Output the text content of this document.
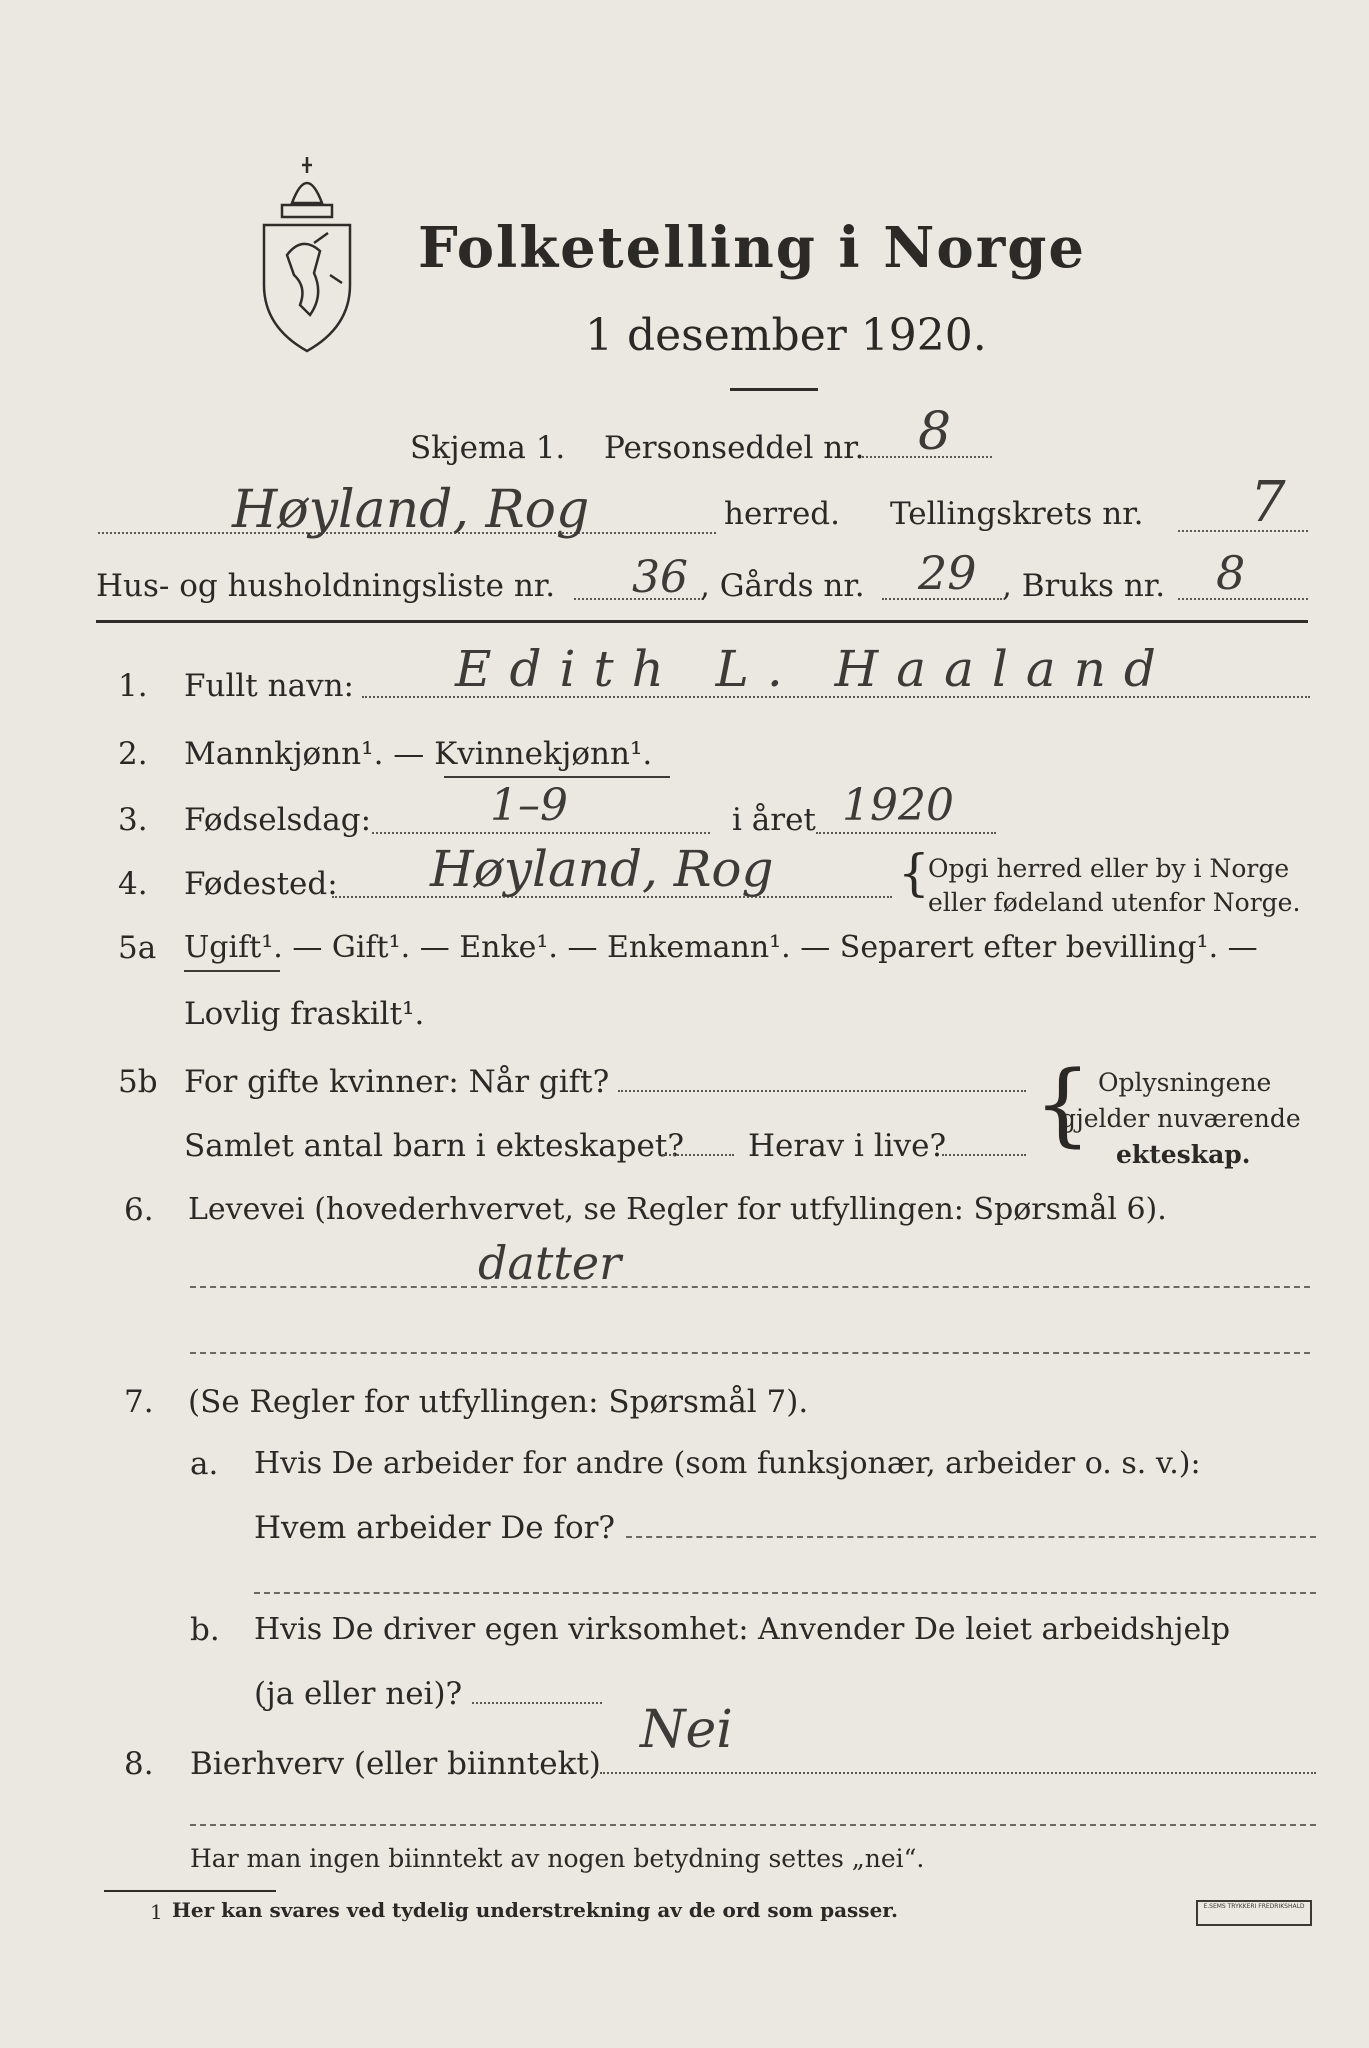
Folketelling i Norge
1 desember 1920.
Skjema 1. Personseddel nr. 8
Høyland, Rog	herred. Tellingskrets nr. 7
Hus- og husholdningsliste nr. 36 , Gårds nr. 29 , Bruks nr. 8
1. Fullt navn: Edith L. Haaland
2. Mannkjønn¹. — Kvinnekjønn¹.
3. Fødselsdag:	1–9	i året 1920
4. Fødested: Høyland, Rog {
Opgi herred eller by i Norge
eller fødeland utenfor Norge.
5a Ugift¹. — Gift¹. — Enke¹. — Enkemann¹. — Separert efter bevilling¹. —
Lovlig fraskilt¹.
5b For gifte kvinner: Når gift?
Samlet antal barn i ekteskapet? Herav i live? { Oplysningene
gjelder nuværende
ekteskap.
6. Levevei (hovederhvervet, se Regler for utfyllingen: Spørsmål 6).
datter
7. (Se Regler for utfyllingen: Spørsmål 7).
a. Hvis De arbeider for andre (som funksjonær, arbeider o. s. v.):
Hvem arbeider De for?
b. Hvis De driver egen virksomhet: Anvender De leiet arbeidshjelp
(ja eller nei)?
8. Bierhverv (eller biinntekt)
Nei
Har man ingen biinntekt av nogen betydning settes „nei“.
1 Her kan svares ved tydelig understrekning av de ord som passer.	E.SEMS TRYKKERI FREDRIKSHALD
